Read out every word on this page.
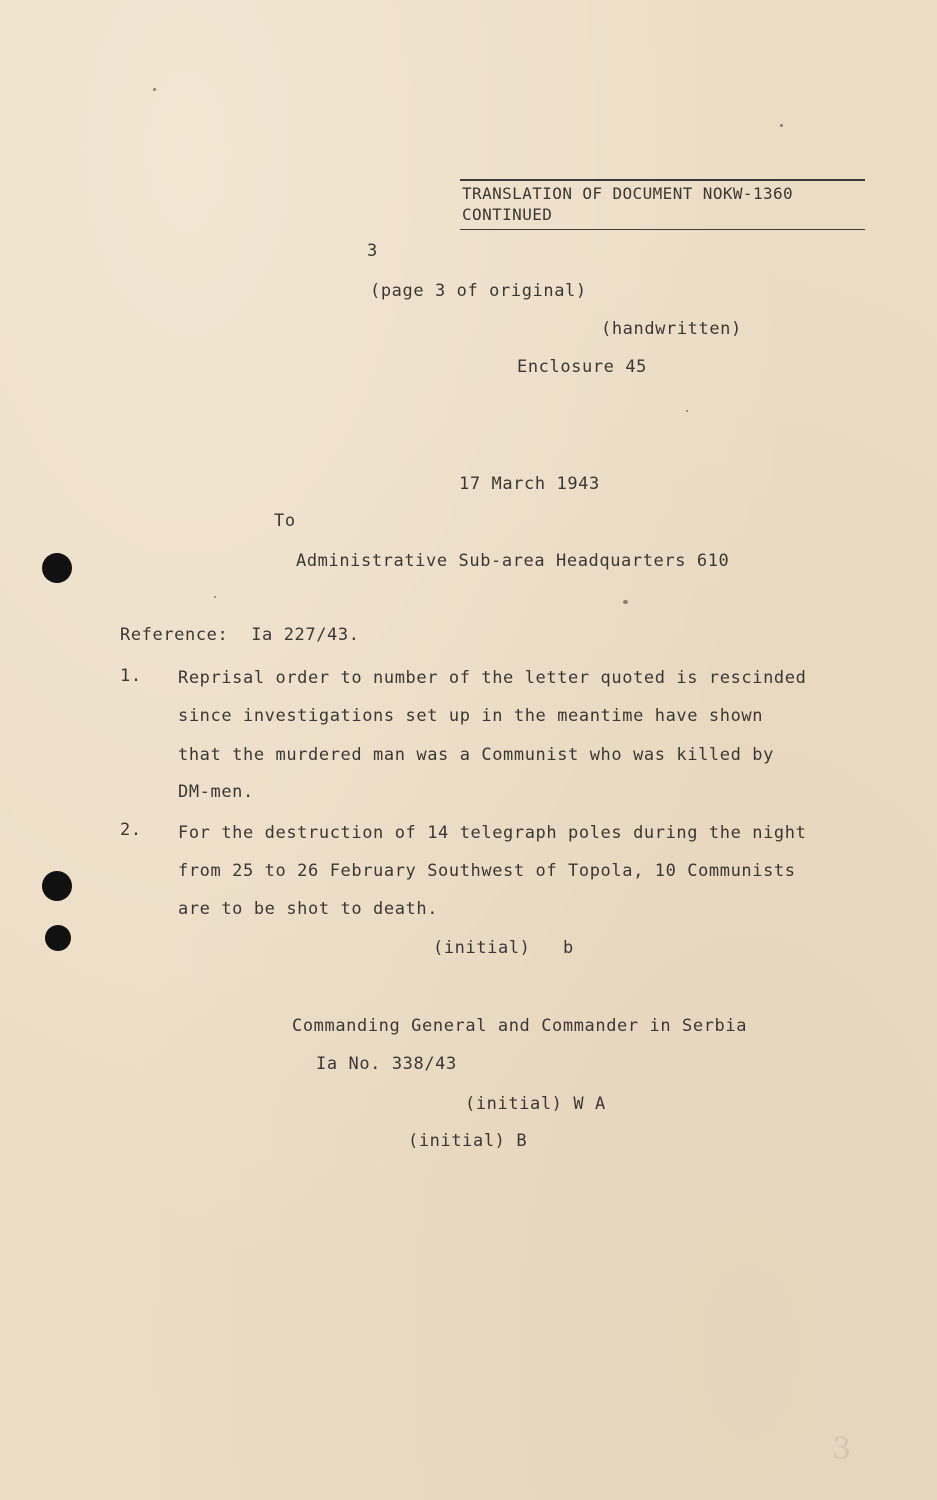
TRANSLATION OF DOCUMENT NOKW-1360
CONTINUED
3
(page 3 of original)
(handwritten)
Enclosure 45
17 March 1943
To
Administrative Sub-area Headquarters 610
Reference: Ia 227/43.
1. Reprisal order to number of the letter quoted is rescinded
since investigations set up in the meantime have shown
that the murdered man was a Communist who was killed by
DM-men.
2. For the destruction of 14 telegraph poles during the night
from 25 to 26 February Southwest of Topola, 10 Communists
are to be shot to death.
(initial)   b
Commanding General and Commander in Serbia
Ia No. 338/43
(initial) W A
(initial) B
3
